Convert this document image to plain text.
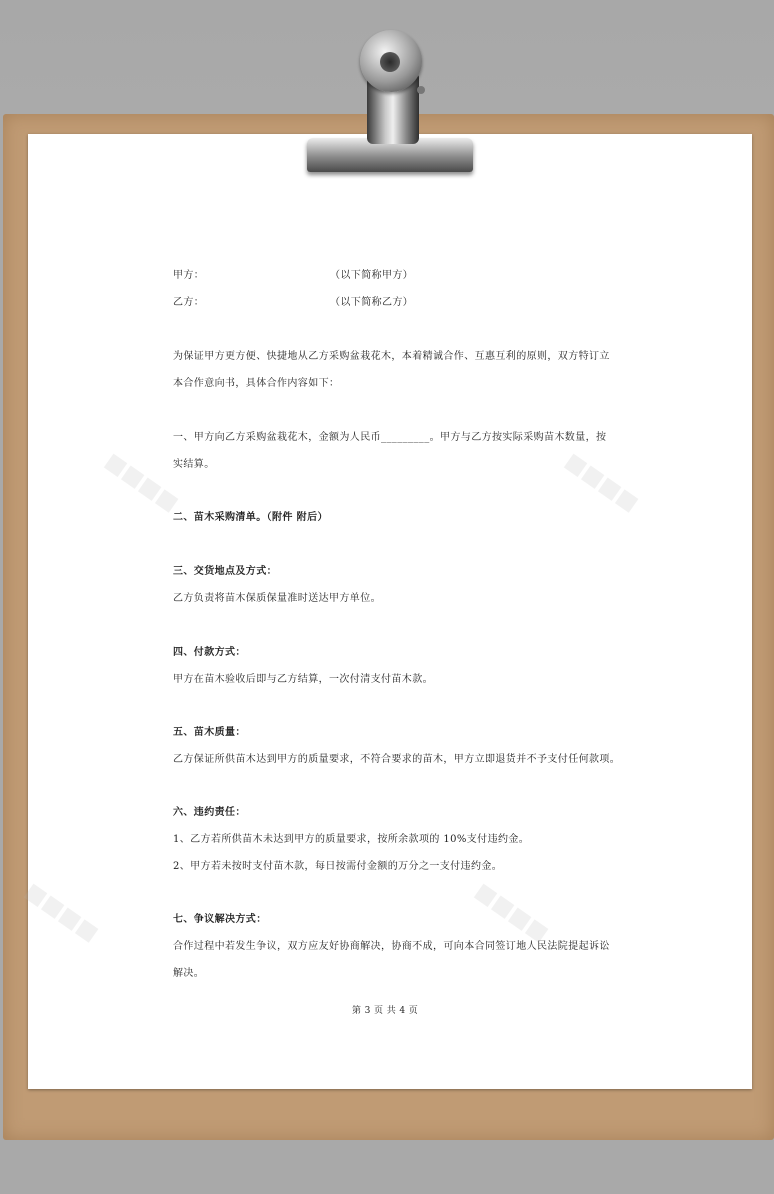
■■■■	■■■■
■■■■	■■■■
甲方：	（以下简称甲方）
乙方：	（以下简称乙方）
为保证甲方更方便、快捷地从乙方采购盆栽花木，本着精诚合作、互惠互利的原则，双方特订立
本合作意向书，具体合作内容如下：
一、甲方向乙方采购盆栽花木，金额为人民币_________。甲方与乙方按实际采购苗木数量，按
实结算。
二、苗木采购清单。（附件 附后）
三、交货地点及方式：
乙方负责将苗木保质保量准时送达甲方单位。
四、付款方式：
甲方在苗木验收后即与乙方结算，一次付清支付苗木款。
五、苗木质量：
乙方保证所供苗木达到甲方的质量要求，不符合要求的苗木，甲方立即退货并不予支付任何款项。
六、违约责任：
1、乙方若所供苗木未达到甲方的质量要求，按所余款项的 10%支付违约金。
2、甲方若未按时支付苗木款，每日按需付金额的万分之一支付违约金。
七、争议解决方式：
合作过程中若发生争议，双方应友好协商解决，协商不成，可向本合同签订地人民法院提起诉讼
解决。
第 3 页 共 4 页
